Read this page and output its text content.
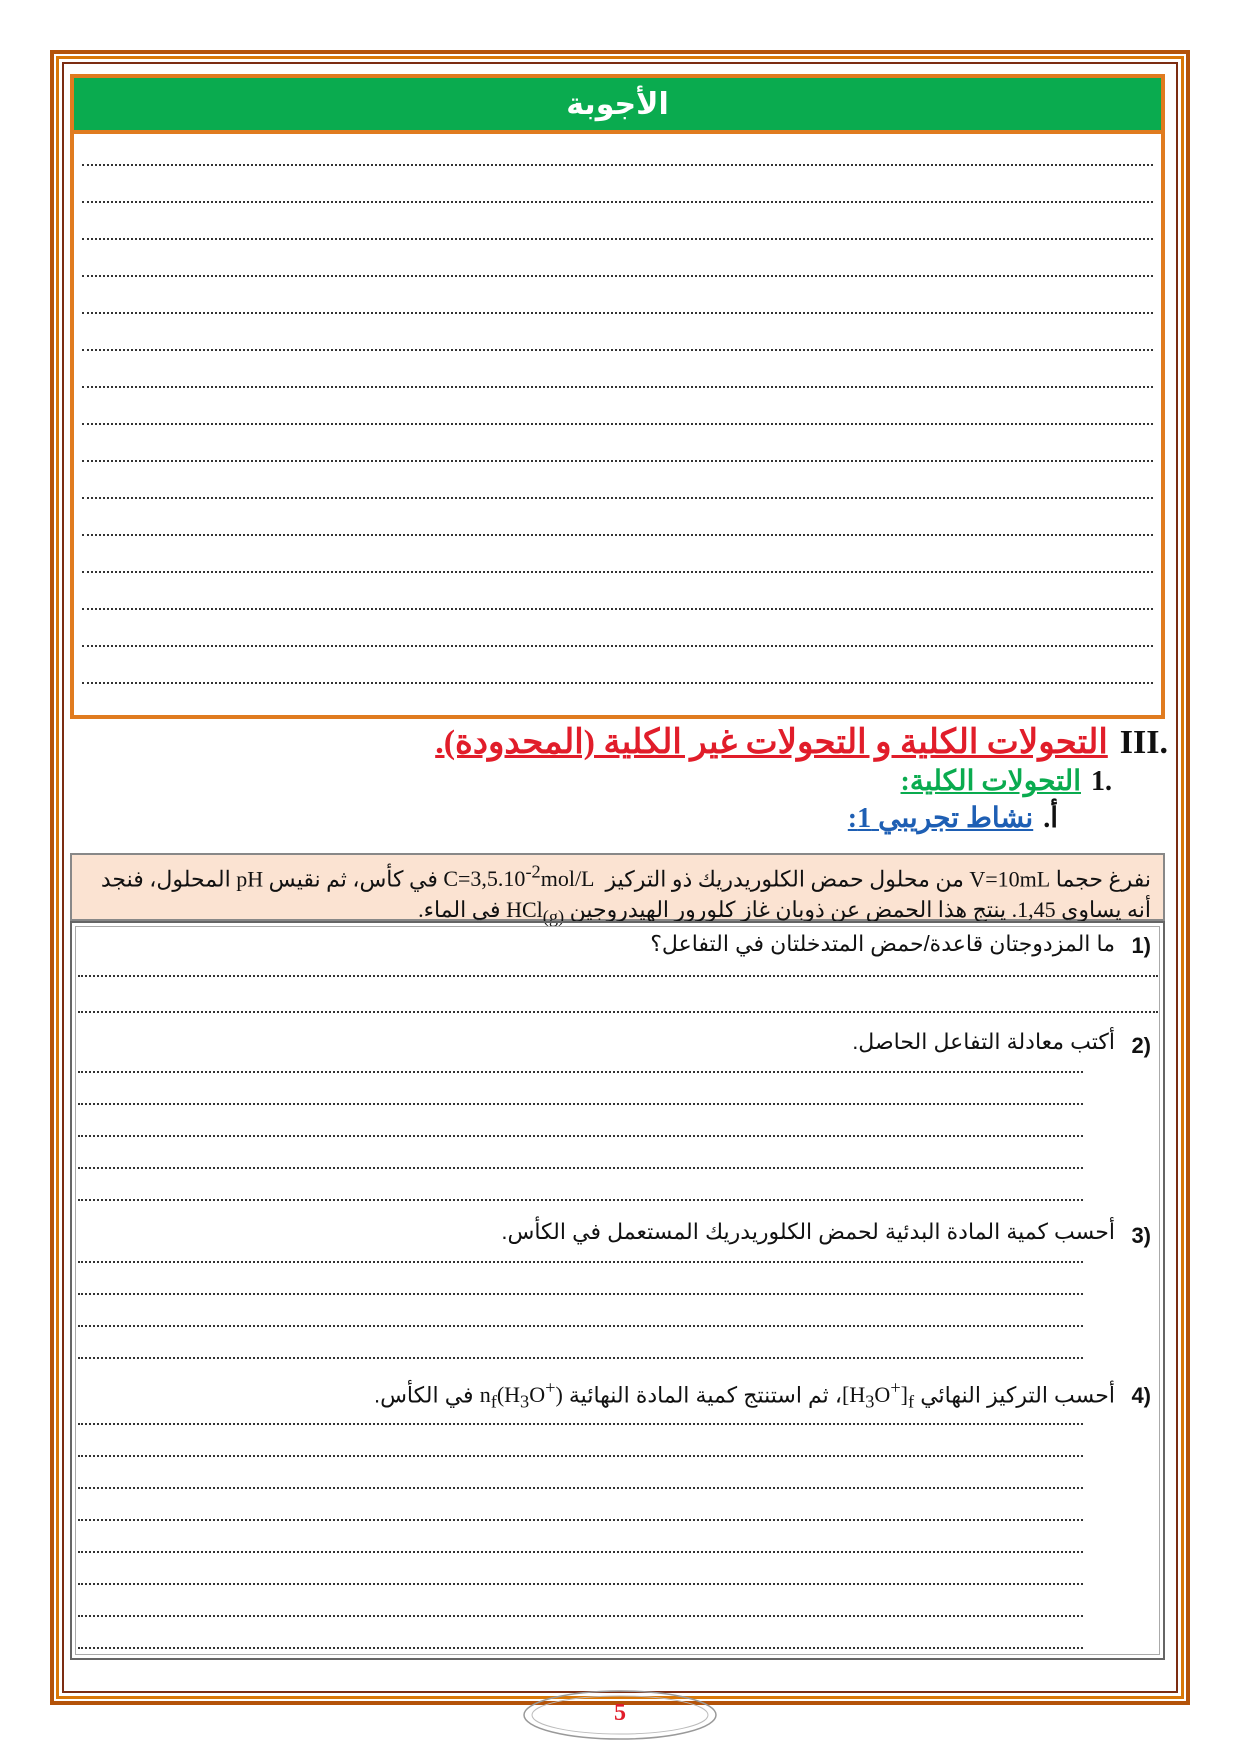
الأجوبة
.IIIالتحولات الكلية و التحولات غير الكلية (المحدودة).
.1التحولات الكلية:
أ.نشاط تجريبي 1:
نفرغ حجما V=10mL من محلول حمض الكلوريدريك ذو التركيز  $C=3,5.10^{-2}mol/L$ في كأس، ثم نقيس pH المحلول، فنجد أنه يساوي 1,45. ينتج هذا الحمض عن ذوبان غاز كلورور الهيدروجين HCl$_{(g)}$ في الماء.
1)
ما المزدوجتان قاعدة/حمض المتدخلتان في التفاعل؟
2)
أكتب معادلة التفاعل الحاصل.
3)
أحسب كمية المادة البدئية لحمض الكلوريدريك المستعمل في الكأس.
4)
أحسب التركيز النهائي $[H_3O^+]_f،$ ثم استنتج كمية المادة النهائية $n_f(H_3O^+)$ في الكأس.
5
